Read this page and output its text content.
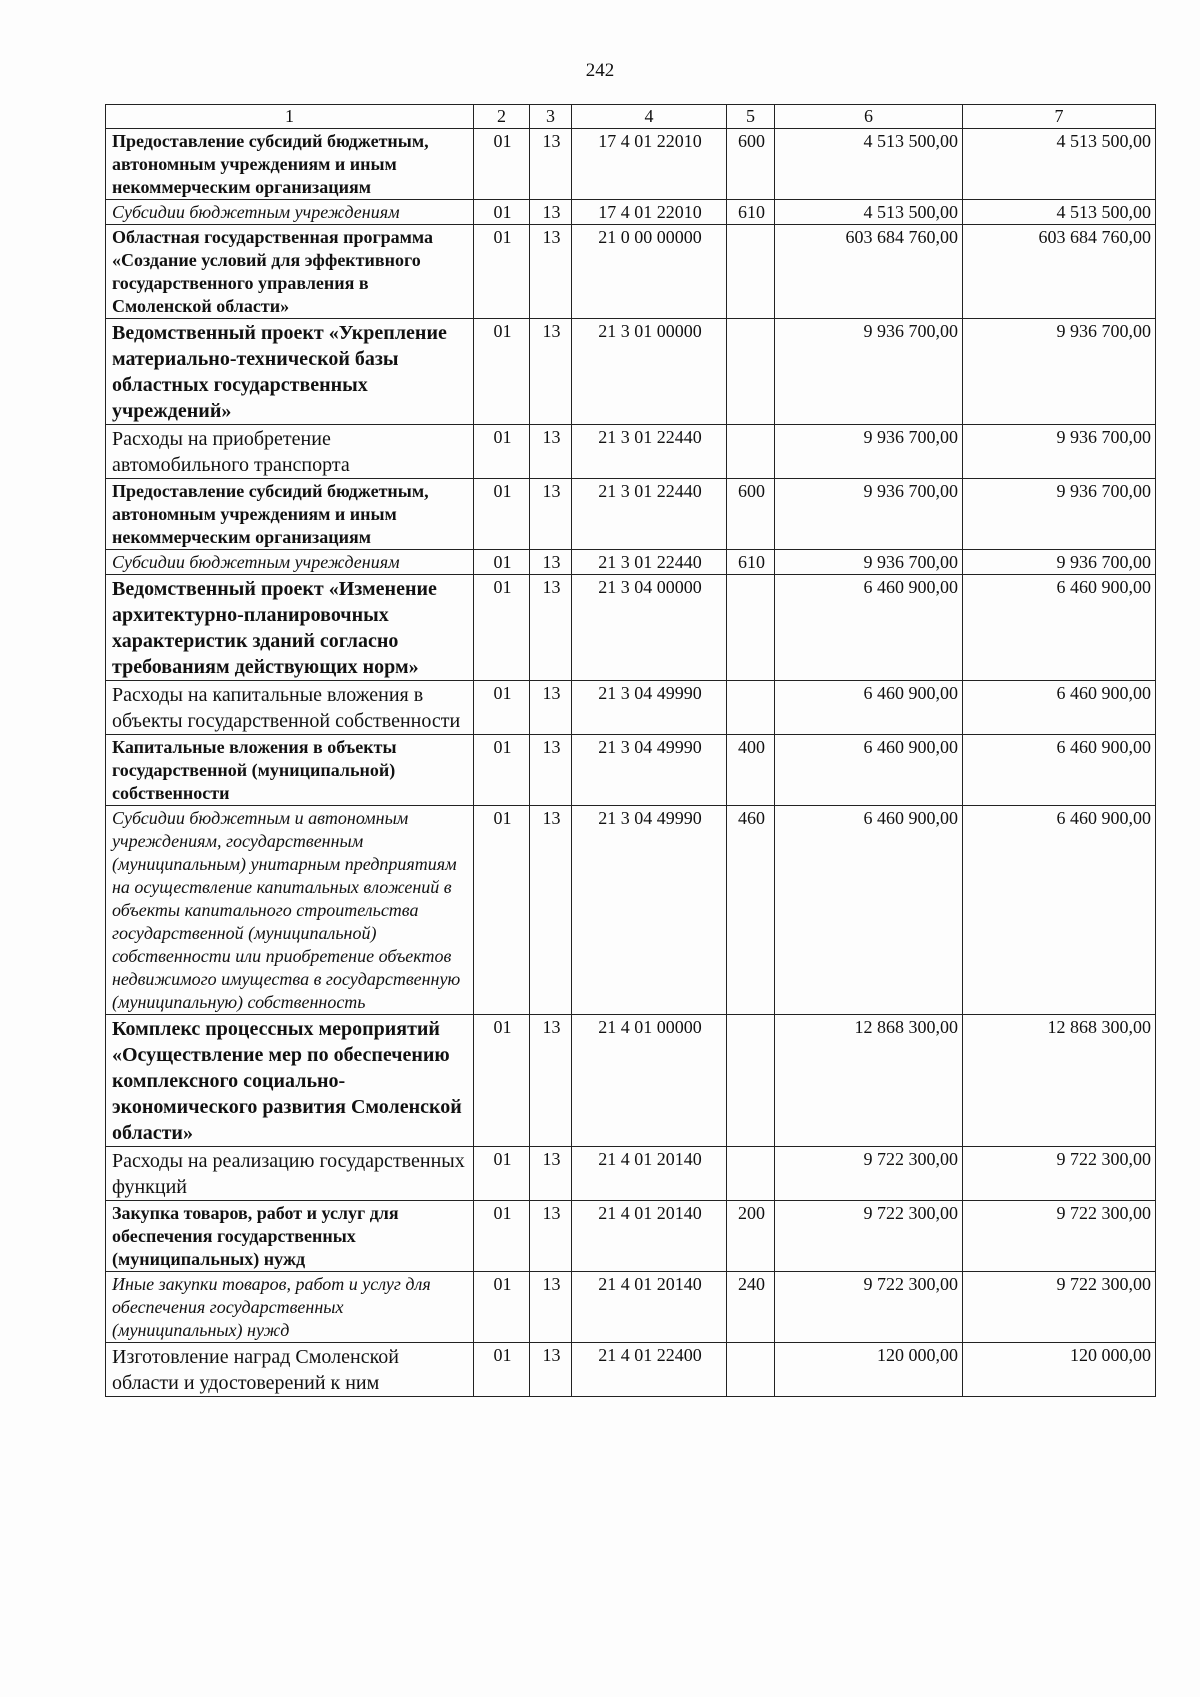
242
1	2	3	4	5	6	7
Предоставление субсидий бюджетным, автономным учреждениям и иным некоммерческим организациям	01	13	17 4 01 22010	600	4 513 500,00	4 513 500,00
Субсидии бюджетным учреждениям	01	13	17 4 01 22010	610	4 513 500,00	4 513 500,00
Областная государственная программа «Создание условий для эффективного государственного управления в Смоленской области»	01	13	21 0 00 00000		603 684 760,00	603 684 760,00
Ведомственный проект «Укрепление материально-технической базы областных государственных учреждений»	01	13	21 3 01 00000		9 936 700,00	9 936 700,00
Расходы на приобретение автомобильного транспорта	01	13	21 3 01 22440		9 936 700,00	9 936 700,00
Предоставление субсидий бюджетным, автономным учреждениям и иным некоммерческим организациям	01	13	21 3 01 22440	600	9 936 700,00	9 936 700,00
Субсидии бюджетным учреждениям	01	13	21 3 01 22440	610	9 936 700,00	9 936 700,00
Ведомственный проект «Изменение архитектурно-планировочных характеристик зданий согласно требованиям действующих норм»	01	13	21 3 04 00000		6 460 900,00	6 460 900,00
Расходы на капитальные вложения в объекты государственной собственности	01	13	21 3 04 49990		6 460 900,00	6 460 900,00
Капитальные вложения в объекты государственной (муниципальной) собственности	01	13	21 3 04 49990	400	6 460 900,00	6 460 900,00
Субсидии бюджетным и автономным учреждениям, государственным (муниципальным) унитарным предприятиям на осуществление капитальных вложений в объекты капитального строительства государственной (муниципальной) собственности или приобретение объектов недвижимого имущества в государственную (муниципальную) собственность	01	13	21 3 04 49990	460	6 460 900,00	6 460 900,00
Комплекс процессных мероприятий «Осуществление мер по обеспечению комплексного социально-экономического развития Смоленской области»	01	13	21 4 01 00000		12 868 300,00	12 868 300,00
Расходы на реализацию государственных функций	01	13	21 4 01 20140		9 722 300,00	9 722 300,00
Закупка товаров, работ и услуг для обеспечения государственных (муниципальных) нужд	01	13	21 4 01 20140	200	9 722 300,00	9 722 300,00
Иные закупки товаров, работ и услуг для обеспечения государственных (муниципальных) нужд	01	13	21 4 01 20140	240	9 722 300,00	9 722 300,00
Изготовление наград Смоленской области и удостоверений к ним	01	13	21 4 01 22400		120 000,00	120 000,00
